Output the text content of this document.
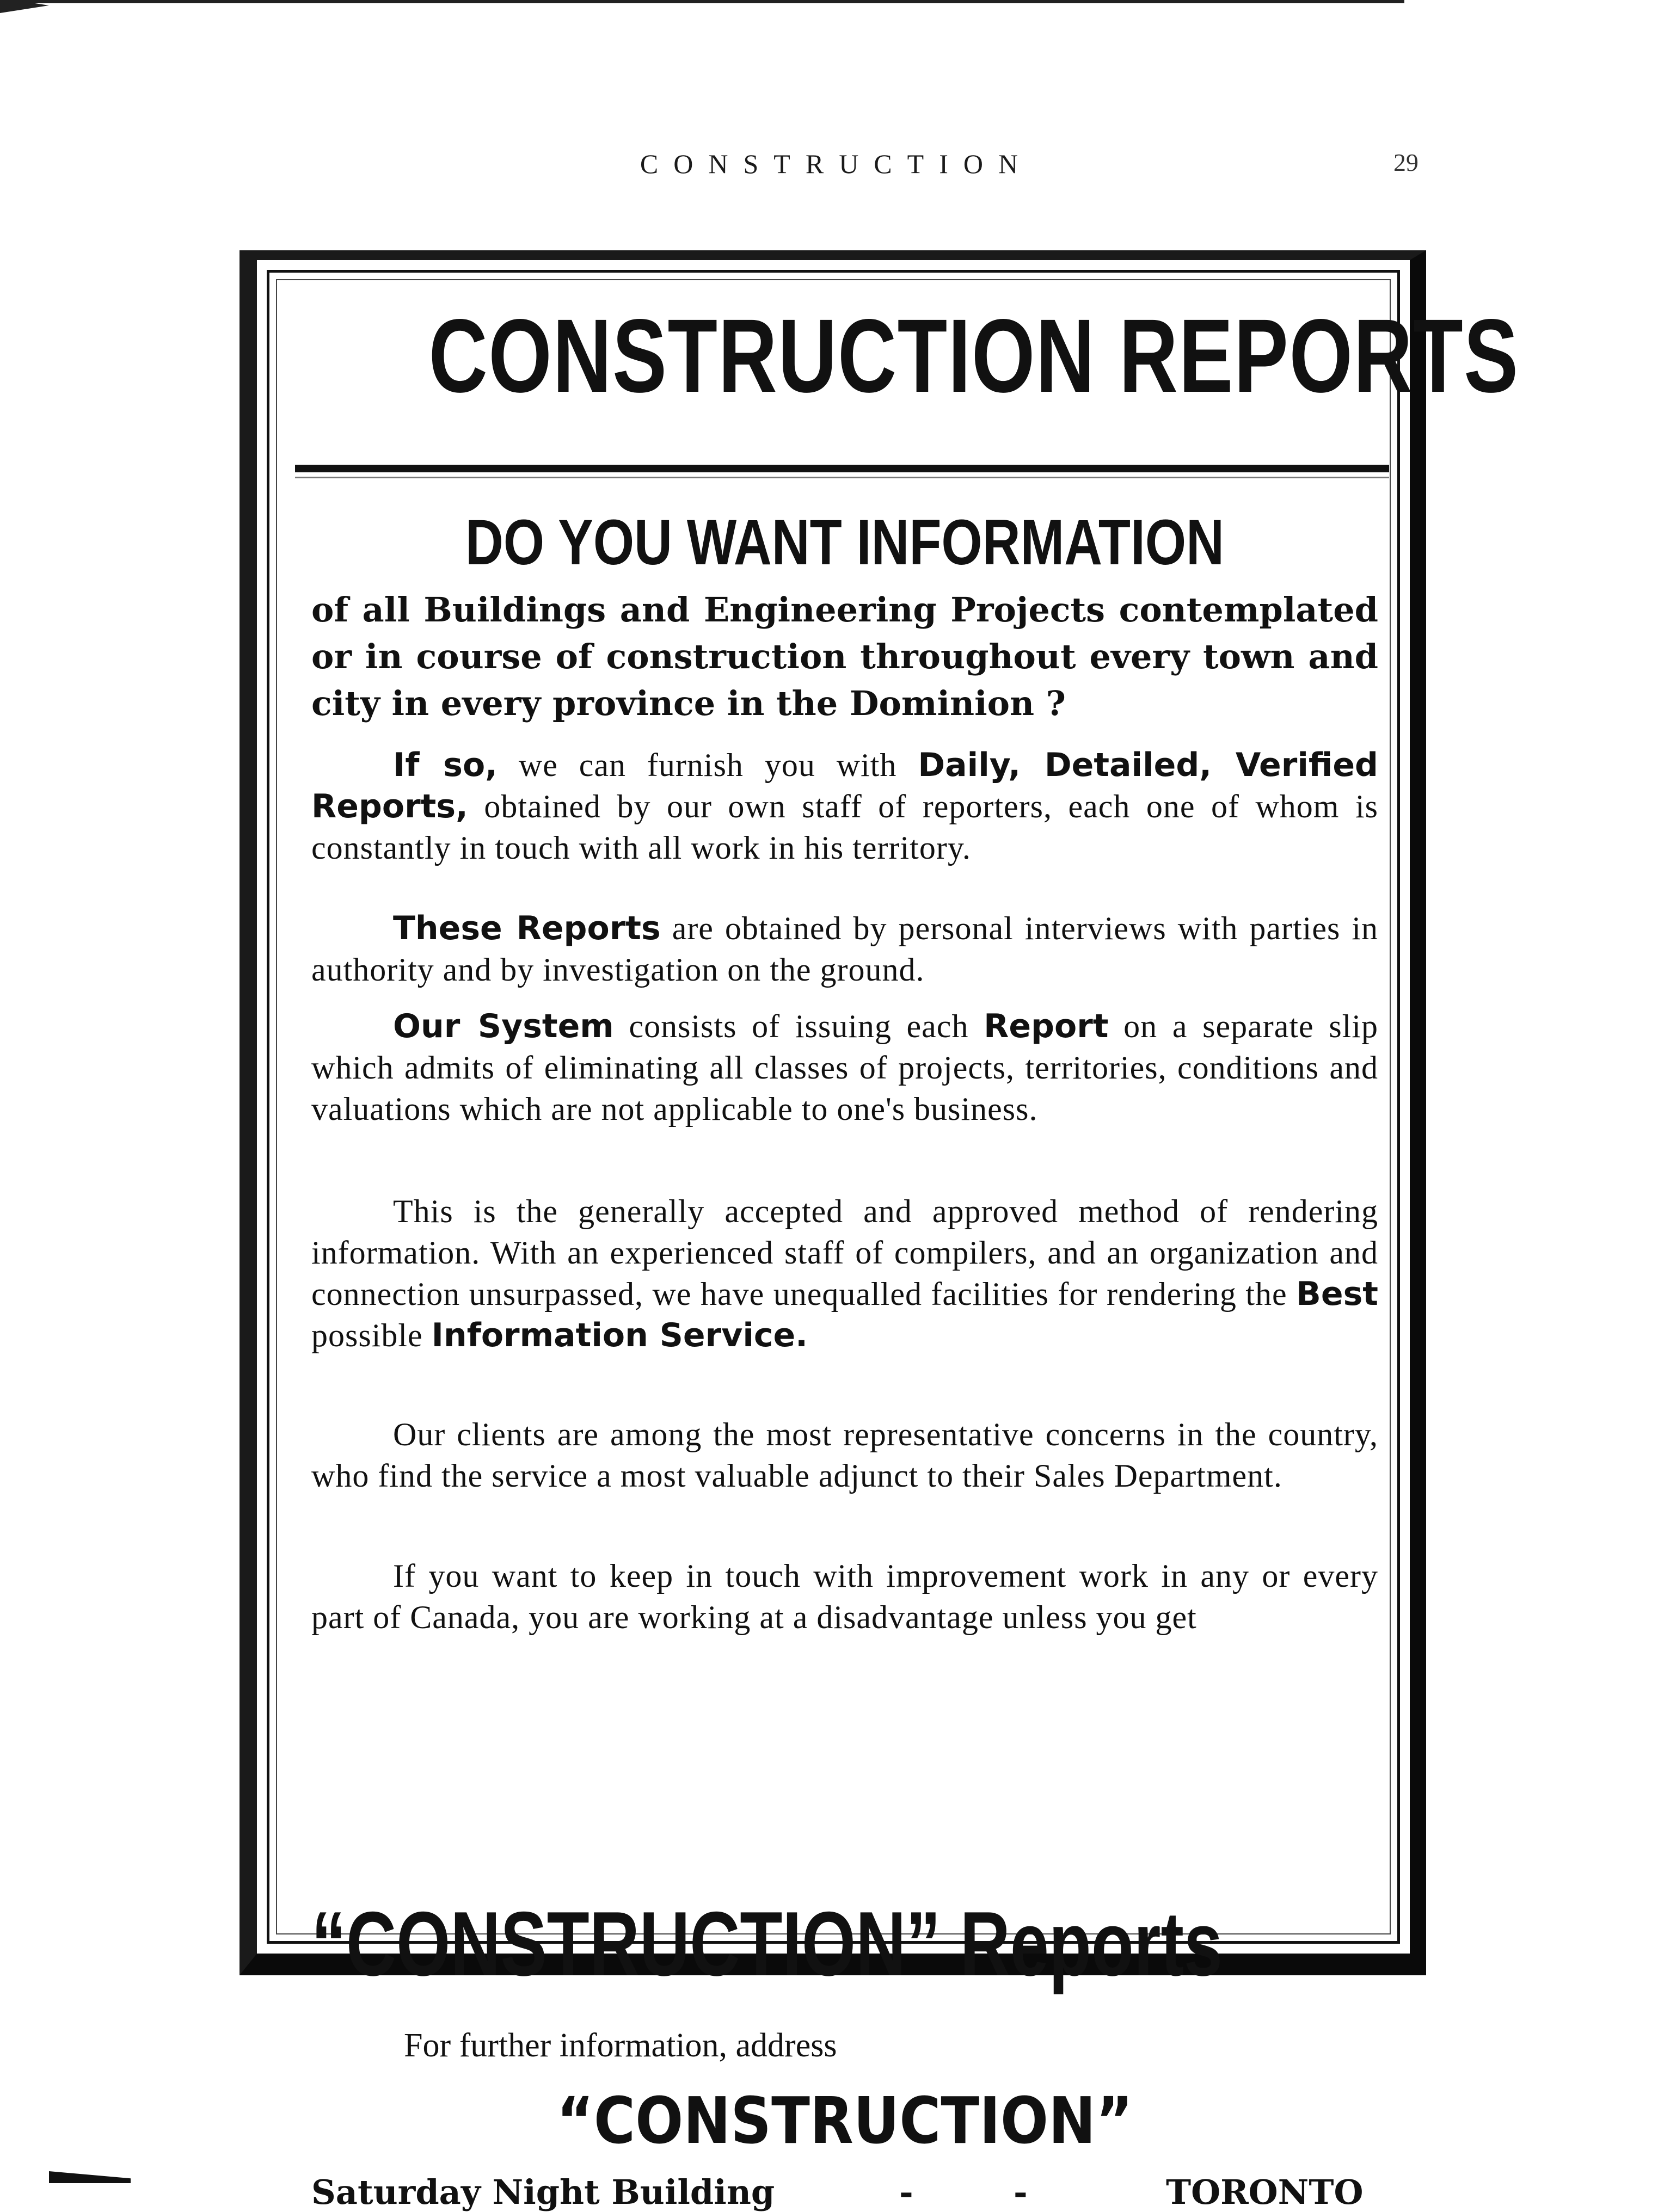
CONSTRUCTION	29
CONSTRUCTION REPORTS
DO YOU WANT INFORMATION
of all Buildings and Engineering Projects contemplated or in course of construction throughout every town and city in every province in the Dominion ?

If so, we can furnish you with Daily, Detailed, Verified Reports, obtained by our own staff of reporters, each one of whom is constantly in touch with all work in his territory.

These Reports are obtained by personal interviews with parties in authority and by investigation on the ground.

Our System consists of issuing each Report on a separate slip which admits of eliminating all classes of projects, territories, conditions and valuations which are not applicable to one's business.

This is the generally accepted and approved method of rendering information. With an experienced staff of compilers, and an organization and connection unsurpassed, we have unequalled facilities for rendering the Best possible Information Service.

Our clients are among the most representative concerns in the country, who find the service a most valuable adjunct to their Sales Department.

If you want to keep in touch with improvement work in any or every part of Canada, you are working at a disadvantage unless you get

“CONSTRUCTION” Reports
For further information, address
“CONSTRUCTION”
Saturday Night Building	-	-	TORONTO
